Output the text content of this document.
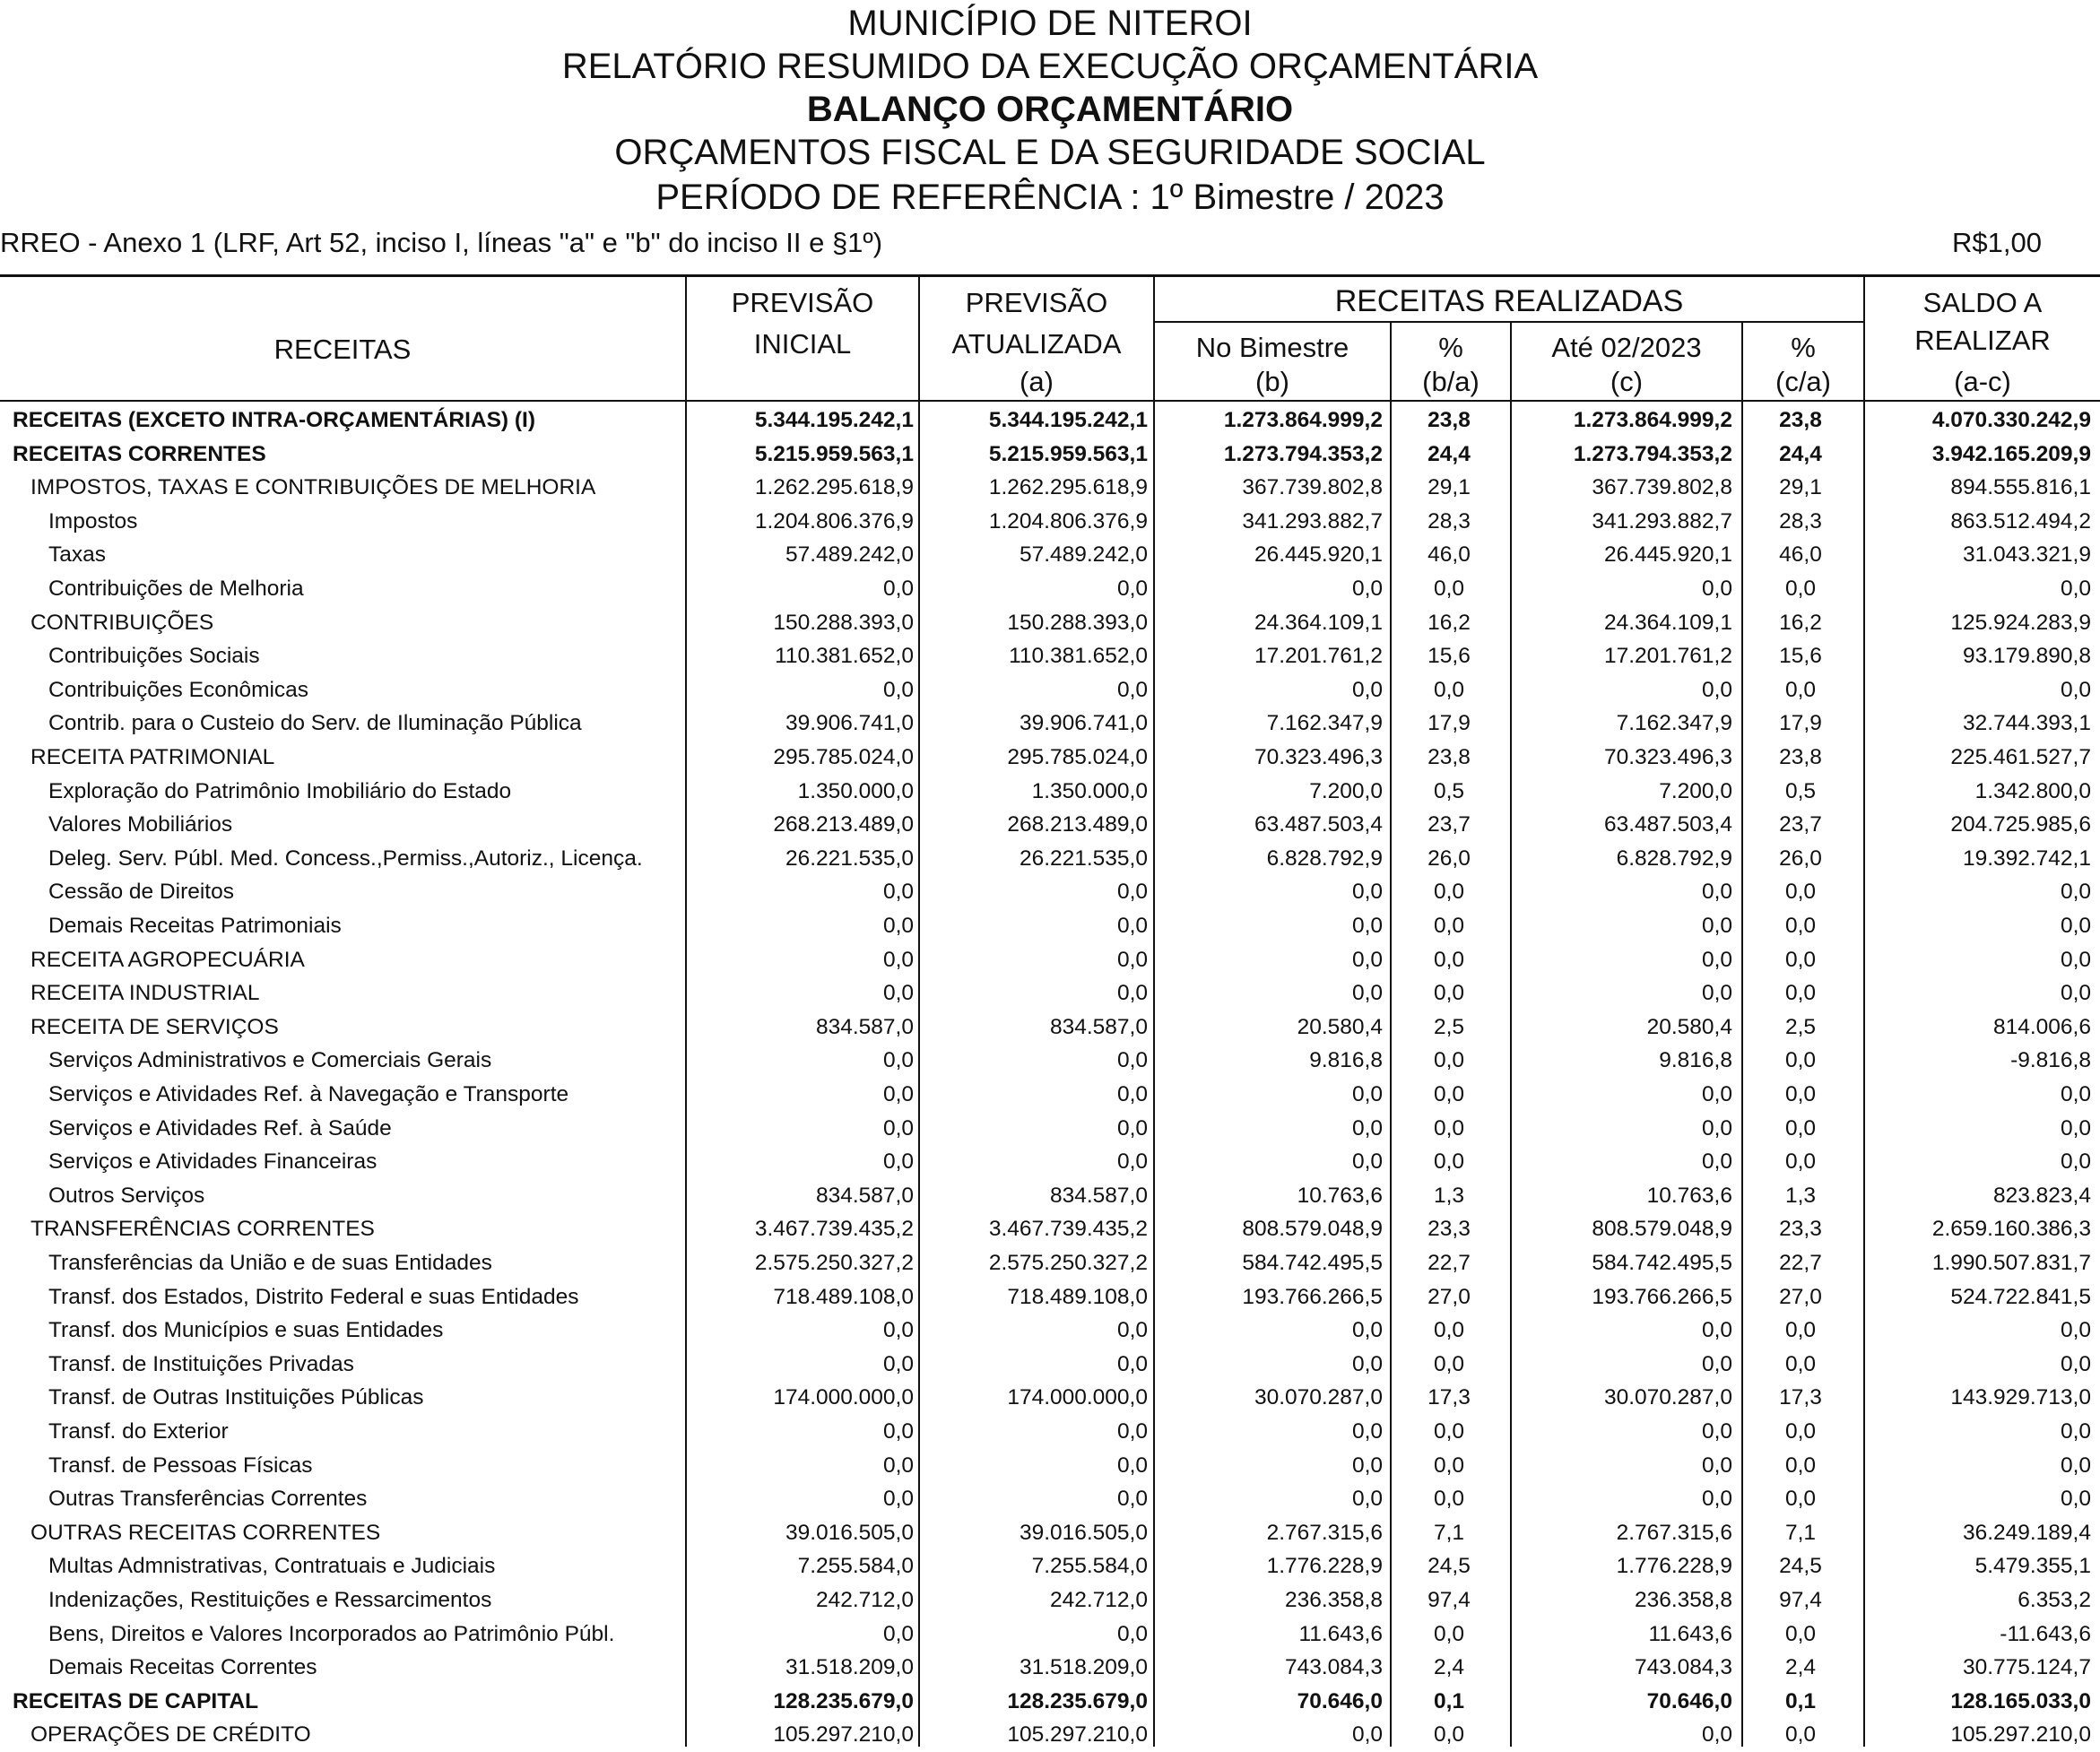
MUNICÍPIO DE NITEROI
RELATÓRIO RESUMIDO DA EXECUÇÃO ORÇAMENTÁRIA
BALANÇO ORÇAMENTÁRIO
ORÇAMENTOS FISCAL E DA SEGURIDADE SOCIAL
PERÍODO DE REFERÊNCIA : 1º Bimestre / 2023
RREO - Anexo 1 (LRF, Art 52, inciso I, líneas "a" e "b" do inciso II e §1º)	R$1,00
RECEITAS
PREVISÃO
INICIAL
PREVISÃO
ATUALIZADA
(a)
RECEITAS REALIZADAS
No Bimestre
(b)
%
(b/a)
Até 02/2023
(c)
%
(c/a)
SALDO A
REALIZAR
(a-c)
RECEITAS (EXCETO INTRA-ORÇAMENTÁRIAS) (I)	5.344.195.242,1	5.344.195.242,1	1.273.864.999,2	23,8	1.273.864.999,2	23,8	4.070.330.242,9
RECEITAS CORRENTES	5.215.959.563,1	5.215.959.563,1	1.273.794.353,2	24,4	1.273.794.353,2	24,4	3.942.165.209,9
IMPOSTOS, TAXAS E CONTRIBUIÇÕES DE MELHORIA	1.262.295.618,9	1.262.295.618,9	367.739.802,8	29,1	367.739.802,8	29,1	894.555.816,1
Impostos	1.204.806.376,9	1.204.806.376,9	341.293.882,7	28,3	341.293.882,7	28,3	863.512.494,2
Taxas	57.489.242,0	57.489.242,0	26.445.920,1	46,0	26.445.920,1	46,0	31.043.321,9
Contribuições de Melhoria	0,0	0,0	0,0	0,0	0,0	0,0	0,0
CONTRIBUIÇÕES	150.288.393,0	150.288.393,0	24.364.109,1	16,2	24.364.109,1	16,2	125.924.283,9
Contribuições Sociais	110.381.652,0	110.381.652,0	17.201.761,2	15,6	17.201.761,2	15,6	93.179.890,8
Contribuições Econômicas	0,0	0,0	0,0	0,0	0,0	0,0	0,0
Contrib. para o Custeio do Serv. de Iluminação Pública	39.906.741,0	39.906.741,0	7.162.347,9	17,9	7.162.347,9	17,9	32.744.393,1
RECEITA PATRIMONIAL	295.785.024,0	295.785.024,0	70.323.496,3	23,8	70.323.496,3	23,8	225.461.527,7
Exploração do Patrimônio Imobiliário do Estado	1.350.000,0	1.350.000,0	7.200,0	0,5	7.200,0	0,5	1.342.800,0
Valores Mobiliários	268.213.489,0	268.213.489,0	63.487.503,4	23,7	63.487.503,4	23,7	204.725.985,6
Deleg. Serv. Públ. Med. Concess.,Permiss.,Autoriz., Licença.	26.221.535,0	26.221.535,0	6.828.792,9	26,0	6.828.792,9	26,0	19.392.742,1
Cessão de Direitos	0,0	0,0	0,0	0,0	0,0	0,0	0,0
Demais Receitas Patrimoniais	0,0	0,0	0,0	0,0	0,0	0,0	0,0
RECEITA AGROPECUÁRIA	0,0	0,0	0,0	0,0	0,0	0,0	0,0
RECEITA INDUSTRIAL	0,0	0,0	0,0	0,0	0,0	0,0	0,0
RECEITA DE SERVIÇOS	834.587,0	834.587,0	20.580,4	2,5	20.580,4	2,5	814.006,6
Serviços Administrativos e Comerciais Gerais	0,0	0,0	9.816,8	0,0	9.816,8	0,0	-9.816,8
Serviços e Atividades Ref. à Navegação e Transporte	0,0	0,0	0,0	0,0	0,0	0,0	0,0
Serviços e Atividades Ref. à Saúde	0,0	0,0	0,0	0,0	0,0	0,0	0,0
Serviços e Atividades Financeiras	0,0	0,0	0,0	0,0	0,0	0,0	0,0
Outros Serviços	834.587,0	834.587,0	10.763,6	1,3	10.763,6	1,3	823.823,4
TRANSFERÊNCIAS CORRENTES	3.467.739.435,2	3.467.739.435,2	808.579.048,9	23,3	808.579.048,9	23,3	2.659.160.386,3
Transferências da União e de suas Entidades	2.575.250.327,2	2.575.250.327,2	584.742.495,5	22,7	584.742.495,5	22,7	1.990.507.831,7
Transf. dos Estados, Distrito Federal e suas Entidades	718.489.108,0	718.489.108,0	193.766.266,5	27,0	193.766.266,5	27,0	524.722.841,5
Transf. dos Municípios e suas Entidades	0,0	0,0	0,0	0,0	0,0	0,0	0,0
Transf. de Instituições Privadas	0,0	0,0	0,0	0,0	0,0	0,0	0,0
Transf. de Outras Instituições Públicas	174.000.000,0	174.000.000,0	30.070.287,0	17,3	30.070.287,0	17,3	143.929.713,0
Transf. do Exterior	0,0	0,0	0,0	0,0	0,0	0,0	0,0
Transf. de Pessoas Físicas	0,0	0,0	0,0	0,0	0,0	0,0	0,0
Outras Transferências Correntes	0,0	0,0	0,0	0,0	0,0	0,0	0,0
OUTRAS RECEITAS CORRENTES	39.016.505,0	39.016.505,0	2.767.315,6	7,1	2.767.315,6	7,1	36.249.189,4
Multas Admnistrativas, Contratuais e Judiciais	7.255.584,0	7.255.584,0	1.776.228,9	24,5	1.776.228,9	24,5	5.479.355,1
Indenizações, Restituições e Ressarcimentos	242.712,0	242.712,0	236.358,8	97,4	236.358,8	97,4	6.353,2
Bens, Direitos e Valores Incorporados ao Patrimônio Públ.	0,0	0,0	11.643,6	0,0	11.643,6	0,0	-11.643,6
Demais Receitas Correntes	31.518.209,0	31.518.209,0	743.084,3	2,4	743.084,3	2,4	30.775.124,7
RECEITAS DE CAPITAL	128.235.679,0	128.235.679,0	70.646,0	0,1	70.646,0	0,1	128.165.033,0
OPERAÇÕES DE CRÉDITO	105.297.210,0	105.297.210,0	0,0	0,0	0,0	0,0	105.297.210,0
